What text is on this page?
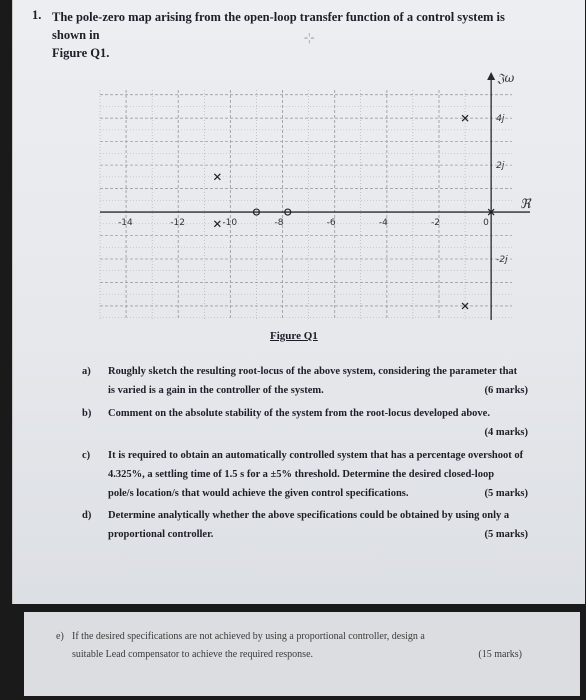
1. The pole-zero map arising from the open-loop transfer function of a control system is shown in
Figure Q1.
-¦-
-14	-12	-10	-8	-6	-4	-2	0
4j
2j
-2j
ℜ
𝔍ω
Figure Q1
a) Roughly sketch the resulting root-locus of the above system, considering the parameter that
is varied is a gain in the controller of the system.	(6 marks)
b) Comment on the absolute stability of the system from the root-locus developed above.
(4 marks)
c) It is required to obtain an automatically controlled system that has a percentage overshoot of
4.325%, a settling time of 1.5 s for a ±5% threshold. Determine the desired closed-loop
pole/s location/s that would achieve the given control specifications.	(5 marks)
d) Determine analytically whether the above specifications could be obtained by using only a
proportional controller.	(5 marks)
e) If the desired specifications are not achieved by using a proportional controller, design a
suitable Lead compensator to achieve the required response.	(15 marks)
